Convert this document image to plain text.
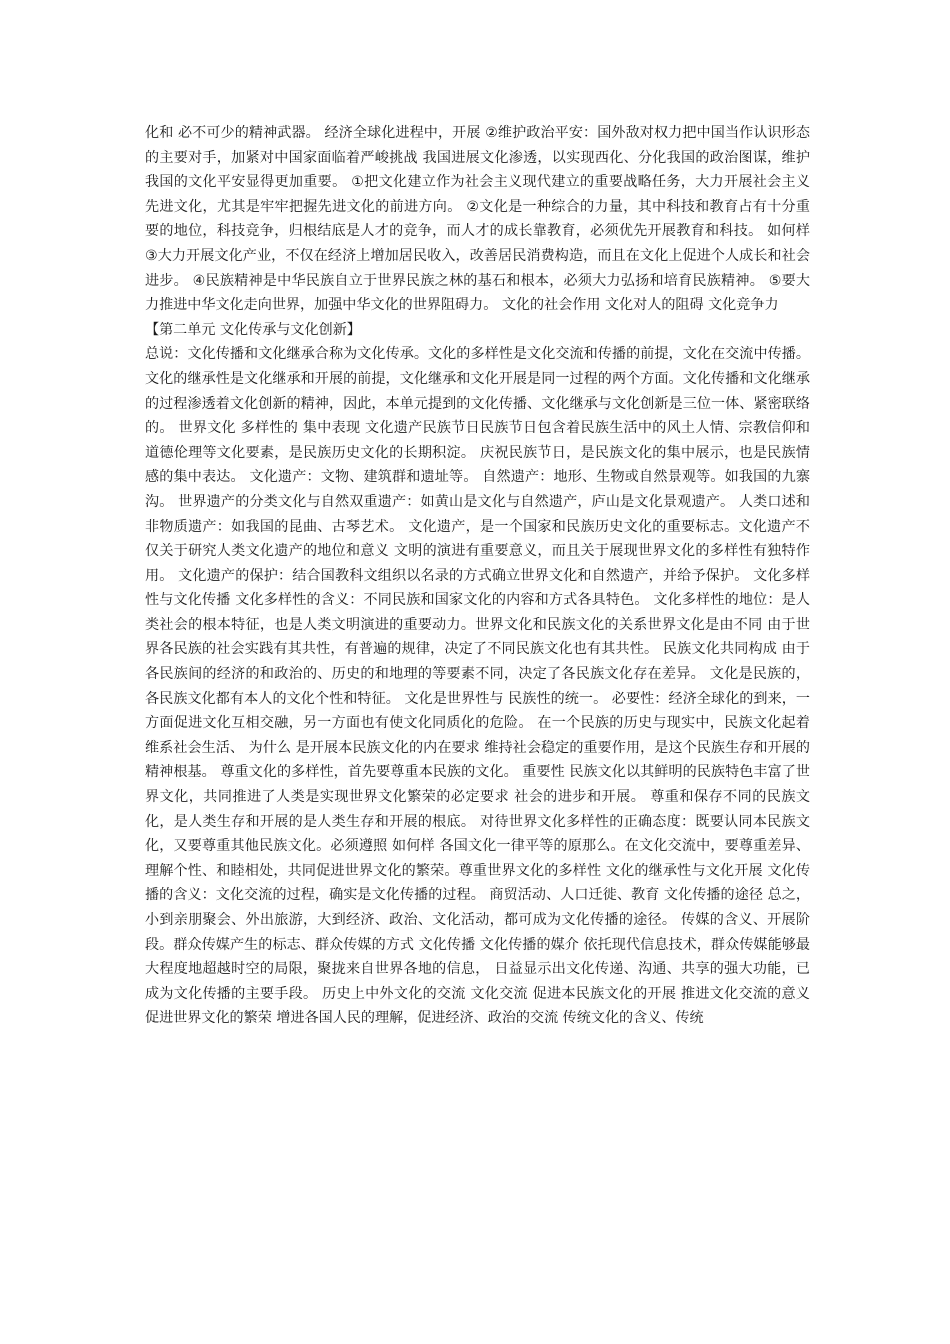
化和 必不可少的精神武器。 经济全球化进程中，开展 ②维护政治平安：国外敌对权力把中国当作认识形态的主要对手，加紧对中国家面临着严峻挑战 我国进展文化渗透，以实现西化、分化我国的政治图谋，维护我国的文化平安显得更加重要。 ①把文化建立作为社会主义现代建立的重要战略任务，大力开展社会主义先进文化，尤其是牢牢把握先进文化的前进方向。 ②文化是一种综合的力量，其中科技和教育占有十分重要的地位，科技竞争，归根结底是人才的竞争，而人才的成长靠教育，必须优先开展教育和科技。 如何样 ③大力开展文化产业，不仅在经济上增加居民收入，改善居民消费构造，而且在文化上促进个人成长和社会进步。 ④民族精神是中华民族自立于世界民族之林的基石和根本，必须大力弘扬和培育民族精神。 ⑤要大力推进中华文化走向世界，加强中华文化的世界阻碍力。 文化的社会作用 文化对人的阻碍 文化竞争力

【第二单元 文化传承与文化创新】

总说：文化传播和文化继承合称为文化传承。文化的多样性是文化交流和传播的前提，文化在交流中传播。文化的继承性是文化继承和开展的前提，文化继承和文化开展是同一过程的两个方面。文化传播和文化继承的过程渗透着文化创新的精神，因此，本单元提到的文化传播、文化继承与文化创新是三位一体、紧密联络的。 世界文化 多样性的 集中表现 文化遗产民族节日民族节日包含着民族生活中的风土人情、宗教信仰和道德伦理等文化要素，是民族历史文化的长期积淀。 庆祝民族节日，是民族文化的集中展示，也是民族情感的集中表达。 文化遗产：文物、建筑群和遗址等。 自然遗产：地形、生物或自然景观等。如我国的九寨沟。 世界遗产的分类文化与自然双重遗产：如黄山是文化与自然遗产，庐山是文化景观遗产。 人类口述和非物质遗产：如我国的昆曲、古琴艺术。 文化遗产，是一个国家和民族历史文化的重要标志。文化遗产不仅关于研究人类文化遗产的地位和意义 文明的演进有重要意义，而且关于展现世界文化的多样性有独特作用。 文化遗产的保护：结合国教科文组织以名录的方式确立世界文化和自然遗产，并给予保护。 文化多样性与文化传播 文化多样性的含义：不同民族和国家文化的内容和方式各具特色。 文化多样性的地位：是人类社会的根本特征，也是人类文明演进的重要动力。世界文化和民族文化的关系世界文化是由不同 由于世界各民族的社会实践有其共性，有普遍的规律，决定了不同民族文化也有其共性。 民族文化共同构成 由于各民族间的经济的和政治的、历史的和地理的等要素不同，决定了各民族文化存在差异。 文化是民族的，各民族文化都有本人的文化个性和特征。 文化是世界性与 民族性的统一。 必要性：经济全球化的到来，一方面促进文化互相交融，另一方面也有使文化同质化的危险。 在一个民族的历史与现实中，民族文化起着维系社会生活、 为什么 是开展本民族文化的内在要求 维持社会稳定的重要作用，是这个民族生存和开展的精神根基。 尊重文化的多样性，首先要尊重本民族的文化。 重要性 民族文化以其鲜明的民族特色丰富了世界文化，共同推进了人类是实现世界文化繁荣的必定要求 社会的进步和开展。 尊重和保存不同的民族文化，是人类生存和开展的是人类生存和开展的根底。 对待世界文化多样性的正确态度：既要认同本民族文化，又要尊重其他民族文化。必须遵照 如何样 各国文化一律平等的原那么。在文化交流中，要尊重差异、理解个性、和睦相处，共同促进世界文化的繁荣。尊重世界文化的多样性 文化的继承性与文化开展 文化传播的含义：文化交流的过程，确实是文化传播的过程。 商贸活动、人口迁徙、教育 文化传播的途径 总之，小到亲朋聚会、外出旅游，大到经济、政治、文化活动，都可成为文化传播的途径。 传媒的含义、开展阶段。群众传媒产生的标志、群众传媒的方式 文化传播 文化传播的媒介 依托现代信息技术，群众传媒能够最大程度地超越时空的局限，聚拢来自世界各地的信息， 日益显示出文化传递、沟通、共享的强大功能，已成为文化传播的主要手段。 历史上中外文化的交流 文化交流 促进本民族文化的开展 推进文化交流的意义 促进世界文化的繁荣 增进各国人民的理解，促进经济、政治的交流 传统文化的含义、传统
